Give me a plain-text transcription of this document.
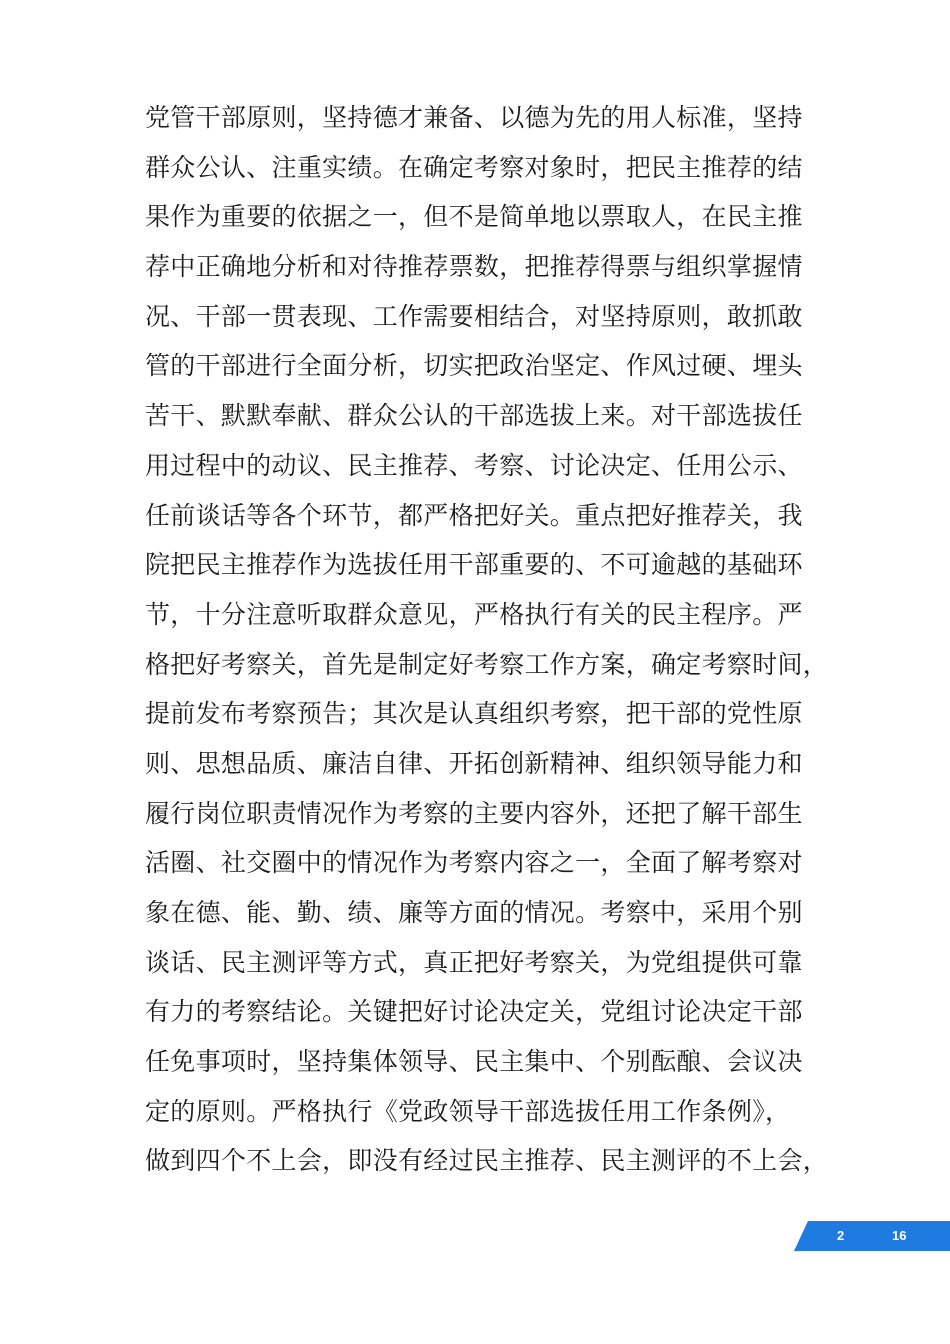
党管干部原则，坚持德才兼备、以德为先的用人标准，坚持
群众公认、注重实绩。在确定考察对象时，把民主推荐的结
果作为重要的依据之一，但不是简单地以票取人，在民主推
荐中正确地分析和对待推荐票数，把推荐得票与组织掌握情
况、干部一贯表现、工作需要相结合，对坚持原则，敢抓敢
管的干部进行全面分析，切实把政治坚定、作风过硬、埋头
苦干、默默奉献、群众公认的干部选拔上来。对干部选拔任
用过程中的动议、民主推荐、考察、讨论决定、任用公示、
任前谈话等各个环节，都严格把好关。重点把好推荐关，我
院把民主推荐作为选拔任用干部重要的、不可逾越的基础环
节，十分注意听取群众意见，严格执行有关的民主程序。严
格把好考察关，首先是制定好考察工作方案，确定考察时间，
提前发布考察预告；其次是认真组织考察，把干部的党性原
则、思想品质、廉洁自律、开拓创新精神、组织领导能力和
履行岗位职责情况作为考察的主要内容外，还把了解干部生
活圈、社交圈中的情况作为考察内容之一，全面了解考察对
象在德、能、勤、绩、廉等方面的情况。考察中，采用个别
谈话、民主测评等方式，真正把好考察关，为党组提供可靠
有力的考察结论。关键把好讨论决定关，党组讨论决定干部
任免事项时，坚持集体领导、民主集中、个别酝酿、会议决
定的原则。严格执行《党政领导干部选拔任用工作条例》，
做到四个不上会，即没有经过民主推荐、民主测评的不上会，
2	16
